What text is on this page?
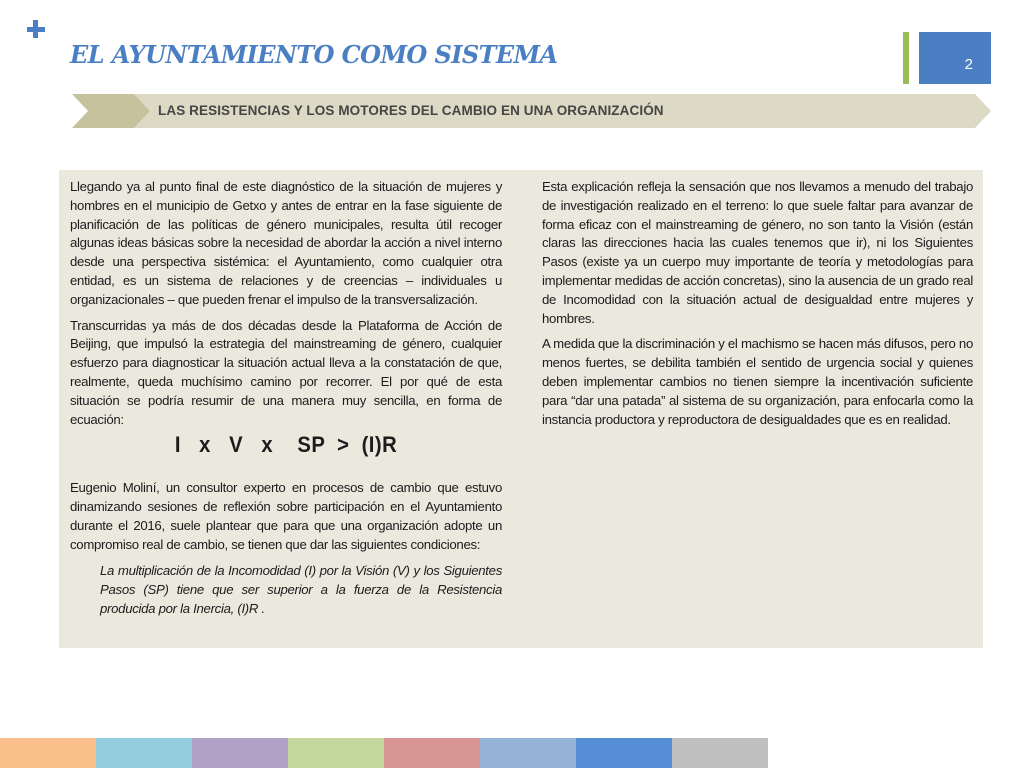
EL AYUNTAMIENTO COMO SISTEMA	2
LAS RESISTENCIAS Y LOS MOTORES DEL CAMBIO EN UNA ORGANIZACIÓN

Llegando ya al punto final de este diagnóstico de la situación de mujeres y hombres en el municipio de Getxo y antes de entrar en la fase siguiente de planificación de las políticas de género municipales, resulta útil recoger algunas ideas básicas sobre la necesidad de abordar la acción a nivel interno desde una perspectiva sistémica: el Ayuntamiento, como cualquier otra entidad, es un sistema de relaciones y de creencias – individuales u organizacionales – que pueden frenar el impulso de la transversalización.

Transcurridas ya más de dos décadas desde la Plataforma de Acción de Beijing, que impulsó la estrategia del mainstreaming de género, cualquier esfuerzo para diagnosticar la situación actual lleva a la constatación de que, realmente, queda muchísimo camino por recorrer. El por qué de esta situación se podría resumir de una manera muy sencilla, en forma de ecuación:

I   x   V   x    SP  >  (I)R

Eugenio Moliní, un consultor experto en procesos de cambio que estuvo dinamizando sesiones de reflexión sobre participación en el Ayuntamiento durante el 2016, suele plantear que para que una organización adopte un compromiso real de cambio, se tienen que dar las siguientes condiciones:

La multiplicación de la Incomodidad (I) por la Visión (V) y los Siguientes Pasos (SP) tiene que ser superior a la fuerza de la Resistencia producida por la Inercia, (I)R .

Esta explicación refleja la sensación que nos llevamos a menudo del trabajo de investigación realizado en el terreno: lo que suele faltar para avanzar de forma eficaz con el mainstreaming de género, no son tanto la Visión (están claras las direcciones hacia las cuales tenemos que ir), ni los Siguientes Pasos (existe ya un cuerpo muy importante de teoría y metodologías para implementar medidas de acción concretas), sino la ausencia de un grado real de Incomodidad con la situación actual de desigualdad entre mujeres y hombres.

A medida que la discriminación y el machismo se hacen más difusos, pero no menos fuertes, se debilita también el sentido de urgencia social y quienes deben implementar cambios no tienen siempre la incentivación suficiente para “dar una patada” al sistema de su organización, para enfocarla como la instancia productora y reproductora de desigualdades que es en realidad.
